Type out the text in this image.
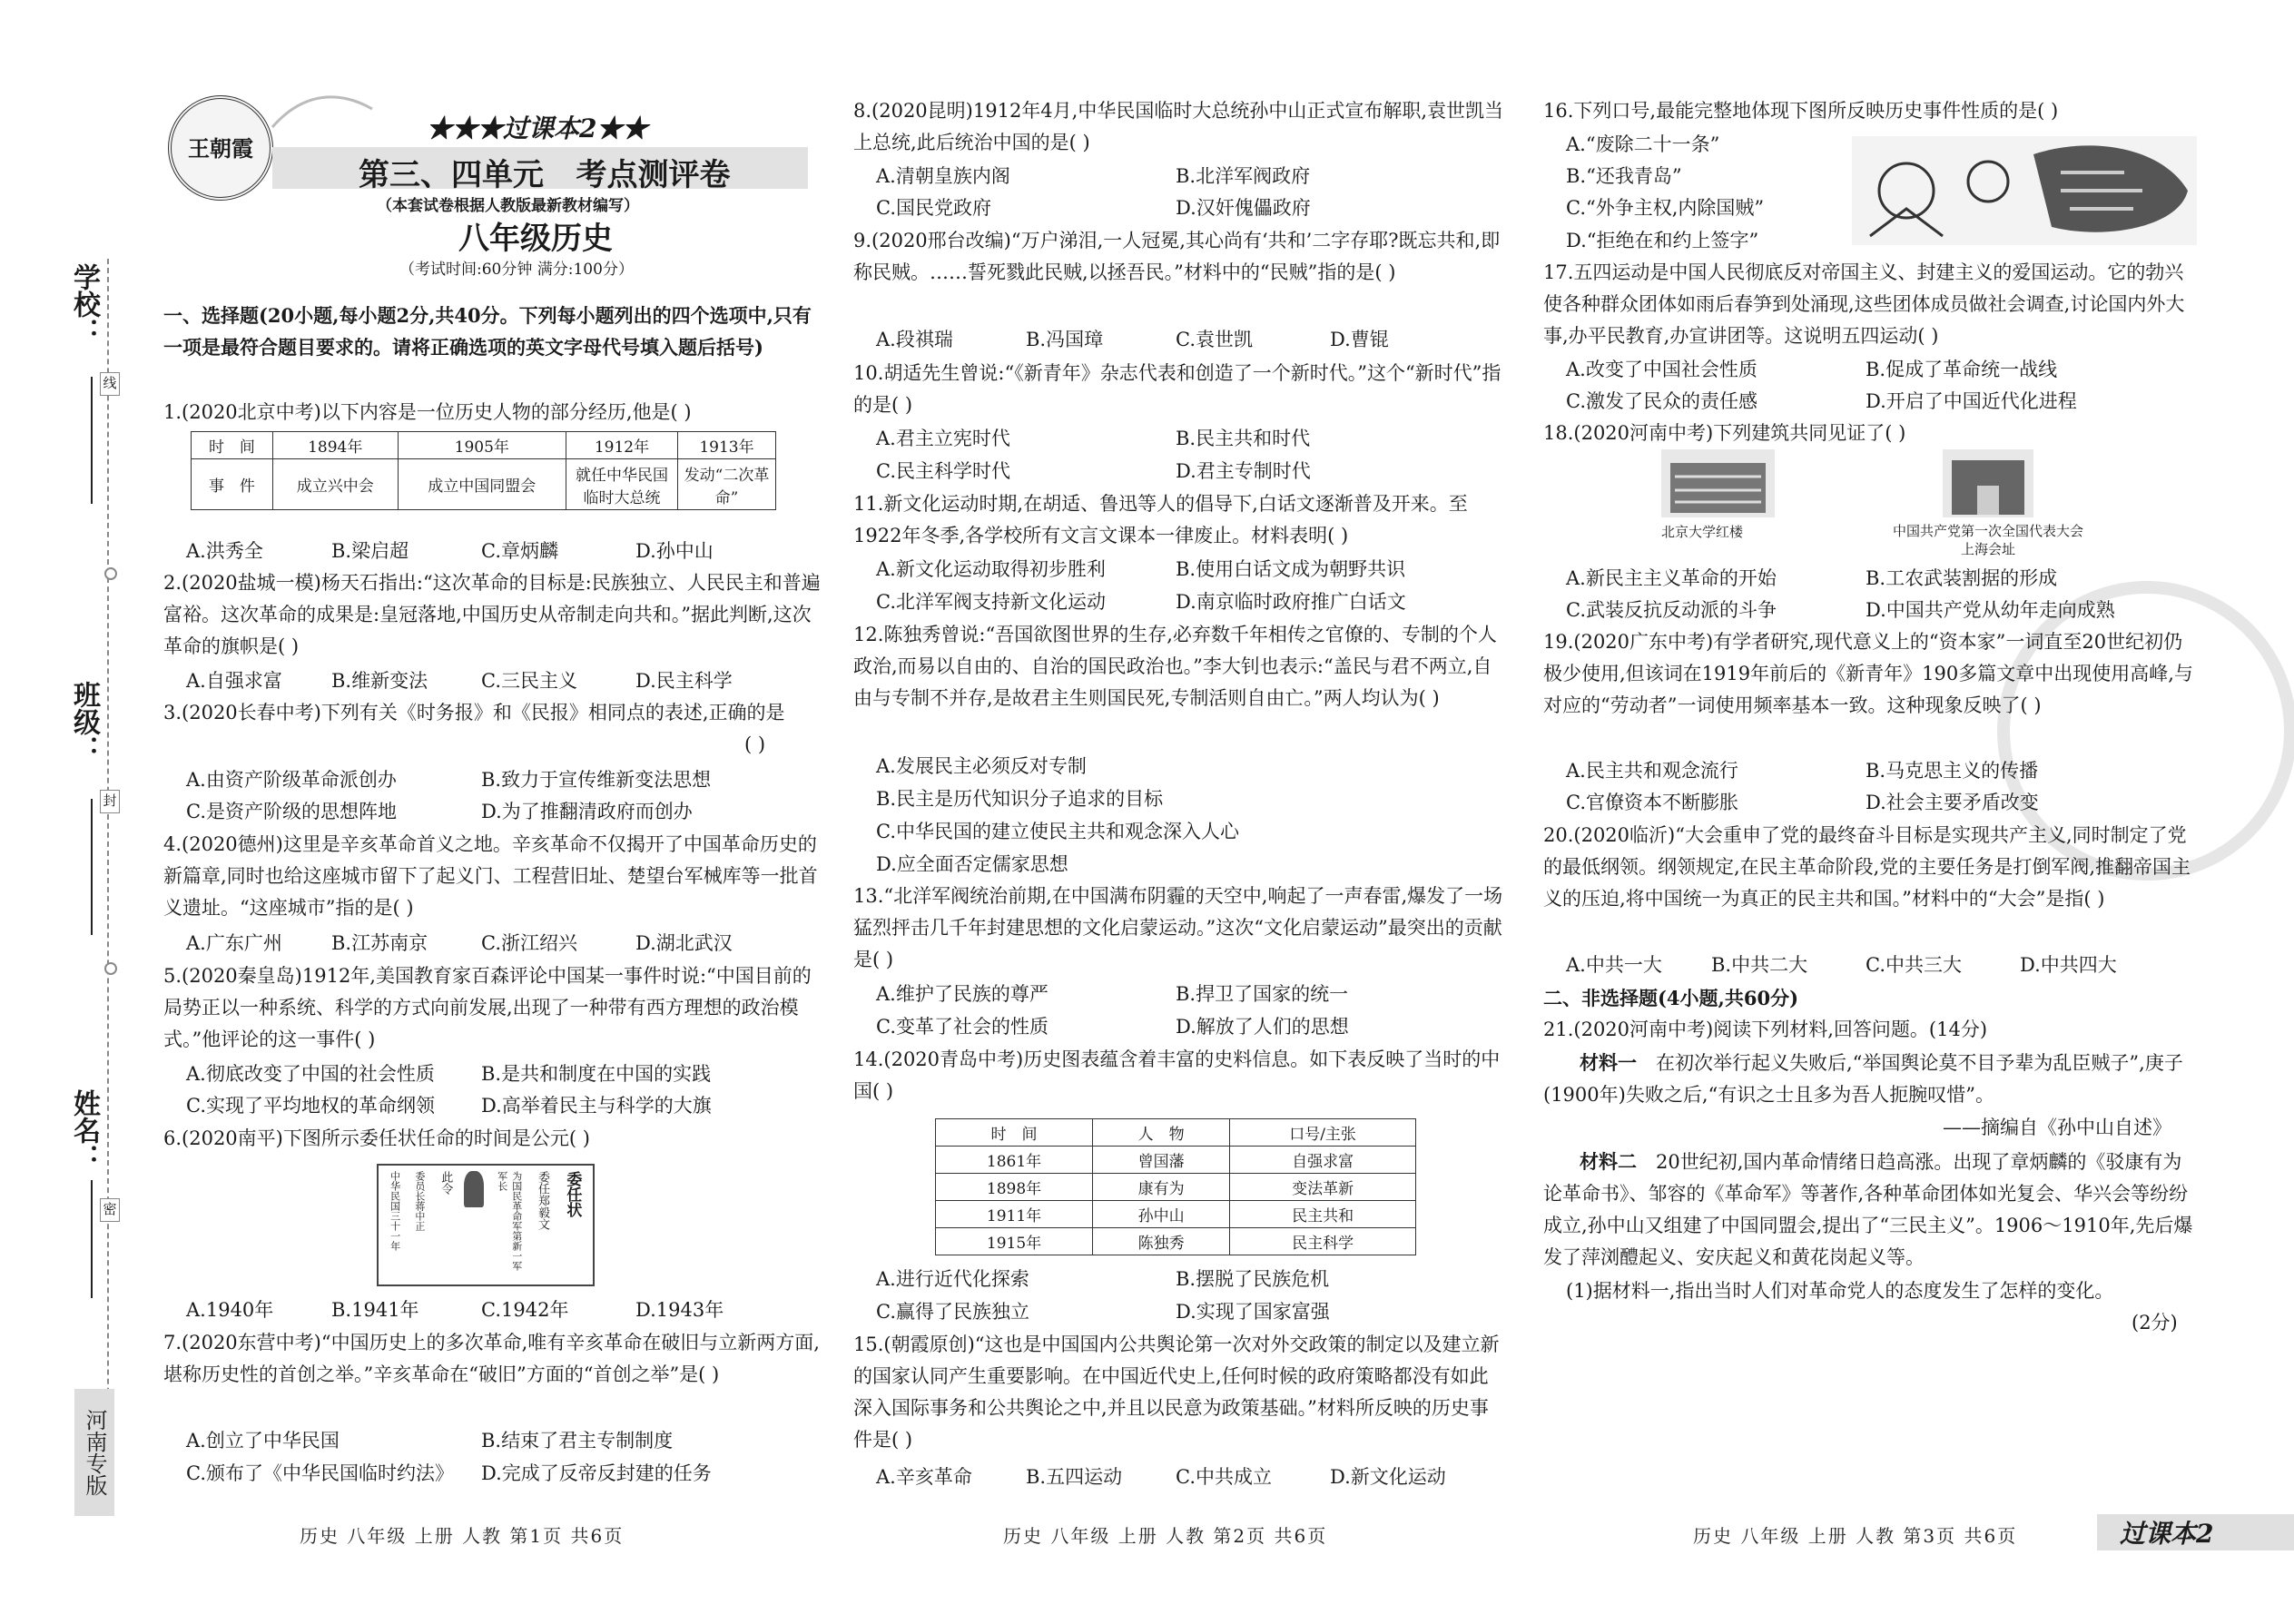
学校：
班级：
姓名：
线
封
密
河南专版
王朝霞
★★★过课本2★★
第三、四单元   考点测评卷
（本套试卷根据人教版最新教材编写）
八年级历史
（考试时间:60分钟 满分:100分）
一、选择题(20小题,每小题2分,共40分。下列每小题列出的四个选项中,只有一项是最符合题目要求的。请将正确选项的英文字母代号填入题后括号)
1.(2020北京中考)以下内容是一位历史人物的部分经历,他是( )
时　间	1894年	1905年	1912年	1913年
事　件	成立兴中会	成立中国同盟会	就任中华民国临时大总统	发动“二次革命”
A.洪秀全	B.梁启超	C.章炳麟	D.孙中山
2.(2020盐城一模)杨天石指出:“这次革命的目标是:民族独立、人民民主和普遍富裕。这次革命的成果是:皇冠落地,中国历史从帝制走向共和。”据此判断,这次革命的旗帜是( )
A.自强求富	B.维新变法	C.三民主义	D.民主科学
3.(2020长春中考)下列有关《时务报》和《民报》相同点的表述,正确的是
( )
A.由资产阶级革命派创办	B.致力于宣传维新变法思想
C.是资产阶级的思想阵地	D.为了推翻清政府而创办
4.(2020德州)这里是辛亥革命首义之地。辛亥革命不仅揭开了中国革命历史的新篇章,同时也给这座城市留下了起义门、工程营旧址、楚望台军械库等一批首义遗址。“这座城市”指的是( )
A.广东广州	B.江苏南京	C.浙江绍兴	D.湖北武汉
5.(2020秦皇岛)1912年,美国教育家百森评论中国某一事件时说:“中国目前的局势正以一种系统、科学的方式向前发展,出现了一种带有西方理想的政治模式。”他评论的这一事件( )
A.彻底改变了中国的社会性质 B.是共和制度在中国的实践
C.实现了平均地权的革命纲领 D.高举着民主与科学的大旗
6.(2020南平)下图所示委任状任命的时间是公元( )
委任状
委任郑毅文
为国民革命军第新一军军长
此令
委员长蒋中正
中华民国三十一年
A.1940年	B.1941年	C.1942年	D.1943年
7.(2020东营中考)“中国历史上的多次革命,唯有辛亥革命在破旧与立新两方面,堪称历史性的首创之举。”辛亥革命在“破旧”方面的“首创之举”是( )
A.创立了中华民国	B.结束了君主专制制度
C.颁布了《中华民国临时约法》 D.完成了反帝反封建的任务
8.(2020昆明)1912年4月,中华民国临时大总统孙中山正式宣布解职,袁世凯当上总统,此后统治中国的是( )
A.清朝皇族内阁	B.北洋军阀政府
C.国民党政府	D.汉奸傀儡政府
9.(2020邢台改编)“万户涕泪,一人冠冕,其心尚有‘共和’二字存耶?既忘共和,即称民贼。……誓死戮此民贼,以拯吾民。”材料中的“民贼”指的是( )
A.段祺瑞	B.冯国璋	C.袁世凯	D.曹锟
10.胡适先生曾说:“《新青年》杂志代表和创造了一个新时代。”这个“新时代”指的是( )
A.君主立宪时代	B.民主共和时代
C.民主科学时代	D.君主专制时代
11.新文化运动时期,在胡适、鲁迅等人的倡导下,白话文逐渐普及开来。至1922年冬季,各学校所有文言文课本一律废止。材料表明( )
A.新文化运动取得初步胜利	B.使用白话文成为朝野共识
C.北洋军阀支持新文化运动	D.南京临时政府推广白话文
12.陈独秀曾说:“吾国欲图世界的生存,必弃数千年相传之官僚的、专制的个人政治,而易以自由的、自治的国民政治也。”李大钊也表示:“盖民与君不两立,自由与专制不并存,是故君主生则国民死,专制活则自由亡。”两人均认为( )
A.发展民主必须反对专制
B.民主是历代知识分子追求的目标
C.中华民国的建立使民主共和观念深入人心
D.应全面否定儒家思想
13.“北洋军阀统治前期,在中国满布阴霾的天空中,响起了一声春雷,爆发了一场猛烈抨击几千年封建思想的文化启蒙运动。”这次“文化启蒙运动”最突出的贡献是( )
A.维护了民族的尊严	B.捍卫了国家的统一
C.变革了社会的性质	D.解放了人们的思想
14.(2020青岛中考)历史图表蕴含着丰富的史料信息。如下表反映了当时的中国( )
时　间	人　物	口号/主张
1861年	曾国藩	自强求富
1898年	康有为	变法革新
1911年	孙中山	民主共和
1915年	陈独秀	民主科学
A.进行近代化探索	B.摆脱了民族危机
C.赢得了民族独立	D.实现了国家富强
15.(朝霞原创)“这也是中国国内公共舆论第一次对外交政策的制定以及建立新的国家认同产生重要影响。在中国近代史上,任何时候的政府策略都没有如此深入国际事务和公共舆论之中,并且以民意为政策基础。”材料所反映的历史事件是( )
A.辛亥革命	B.五四运动	C.中共成立	D.新文化运动
16.下列口号,最能完整地体现下图所反映历史事件性质的是( )
A.“废除二十一条”
B.“还我青岛”
C.“外争主权,内除国贼”
D.“拒绝在和约上签字”
17.五四运动是中国人民彻底反对帝国主义、封建主义的爱国运动。它的勃兴使各种群众团体如雨后春笋到处涌现,这些团体成员做社会调查,讨论国内外大事,办平民教育,办宣讲团等。这说明五四运动( )
A.改变了中国社会性质	B.促成了革命统一战线
C.激发了民众的责任感	D.开启了中国近代化进程
18.(2020河南中考)下列建筑共同见证了( )
北京大学红楼	中国共产党第一次全国代表大会上海会址
A.新民主主义革命的开始	B.工农武装割据的形成
C.武装反抗反动派的斗争	D.中国共产党从幼年走向成熟
19.(2020广东中考)有学者研究,现代意义上的“资本家”一词直至20世纪初仍极少使用,但该词在1919年前后的《新青年》190多篇文章中出现使用高峰,与对应的“劳动者”一词使用频率基本一致。这种现象反映了( )
A.民主共和观念流行	B.马克思主义的传播
C.官僚资本不断膨胀	D.社会主要矛盾改变
20.(2020临沂)“大会重申了党的最终奋斗目标是实现共产主义,同时制定了党的最低纲领。纲领规定,在民主革命阶段,党的主要任务是打倒军阀,推翻帝国主义的压迫,将中国统一为真正的民主共和国。”材料中的“大会”是指( )
A.中共一大	B.中共二大	C.中共三大	D.中共四大
二、非选择题(4小题,共60分)
21.(2020河南中考)阅读下列材料,回答问题。(14分)
材料一　 在初次举行起义失败后,“举国舆论莫不目予辈为乱臣贼子”,庚子(1900年)失败之后,“有识之士且多为吾人扼腕叹惜”。
——摘编自《孙中山自述》
材料二　 20世纪初,国内革命情绪日趋高涨。出现了章炳麟的《驳康有为论革命书》、邹容的《革命军》等著作,各种革命团体如光复会、华兴会等纷纷成立,孙中山又组建了中国同盟会,提出了“三民主义”。1906～1910年,先后爆发了萍浏醴起义、安庆起义和黄花岗起义等。
(1)据材料一,指出当时人们对革命党人的态度发生了怎样的变化。
(2分)
历史 八年级 上册 人教 第1页 共6页	历史 八年级 上册 人教 第2页 共6页	历史 八年级 上册 人教 第3页 共6页	过课本2
